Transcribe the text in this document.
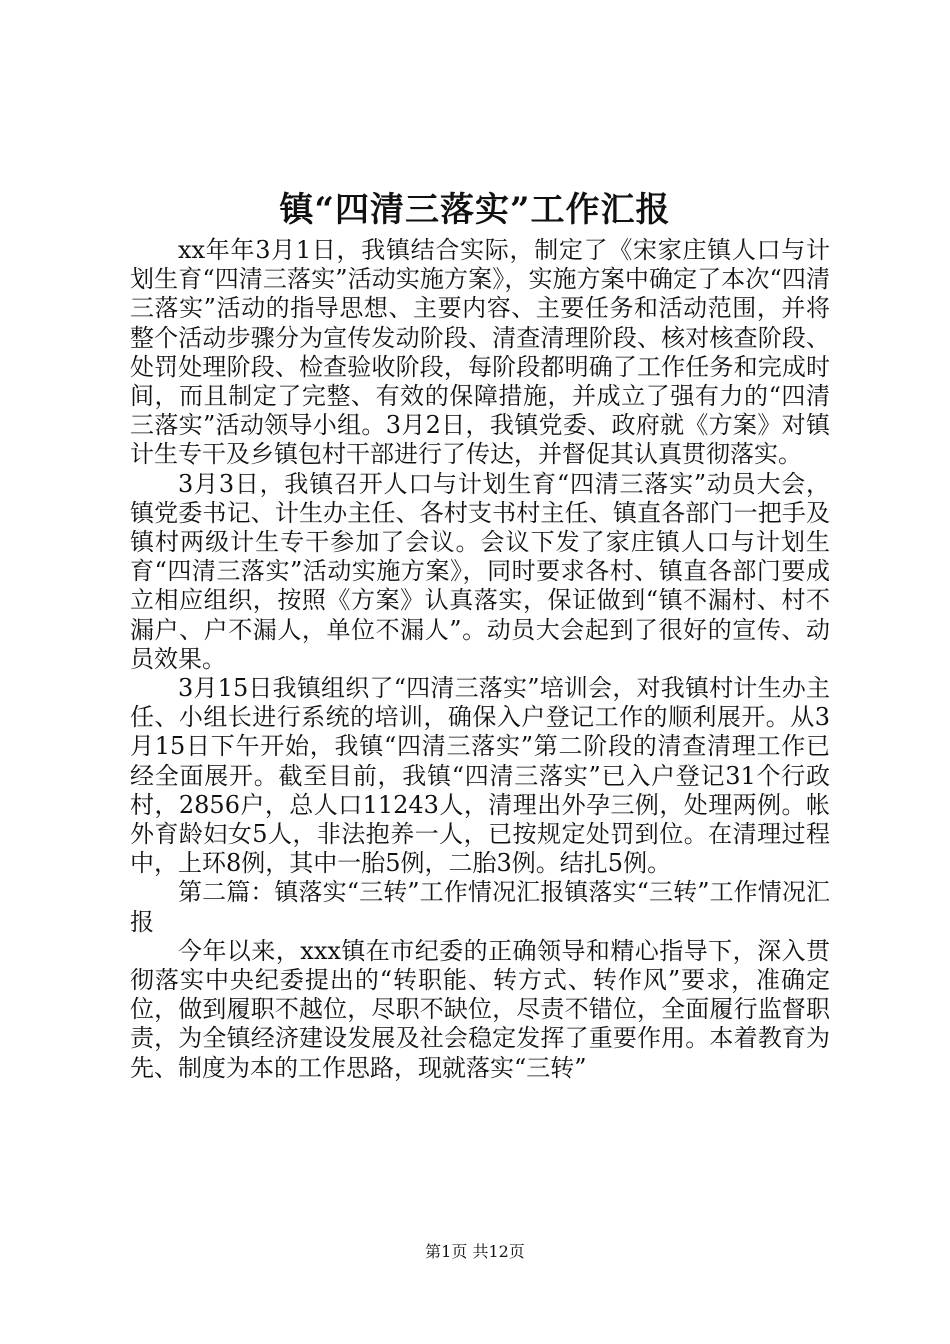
镇“四清三落实”工作汇报

xx年年3月1日，我镇结合实际，制定了《宋家庄镇人口与计划生育“四清三落实”活动实施方案》，实施方案中确定了本次“四清三落实”活动的指导思想、主要内容、主要任务和活动范围，并将整个活动步骤分为宣传发动阶段、清查清理阶段、核对核查阶段、处罚处理阶段、检查验收阶段，每阶段都明确了工作任务和完成时间，而且制定了完整、有效的保障措施，并成立了强有力的“四清三落实”活动领导小组。3月2日，我镇党委、政府就《方案》对镇计生专干及乡镇包村干部进行了传达，并督促其认真贯彻落实。

3月3日，我镇召开人口与计划生育“四清三落实”动员大会，镇党委书记、计生办主任、各村支书村主任、镇直各部门一把手及镇村两级计生专干参加了会议。会议下发了家庄镇人口与计划生育“四清三落实”活动实施方案》，同时要求各村、镇直各部门要成立相应组织，按照《方案》认真落实，保证做到“镇不漏村、村不漏户、户不漏人，单位不漏人”。动员大会起到了很好的宣传、动员效果。

3月15日我镇组织了“四清三落实”培训会，对我镇村计生办主任、小组长进行系统的培训，确保入户登记工作的顺利展开。从3月15日下午开始，我镇“四清三落实”第二阶段的清查清理工作已经全面展开。截至目前，我镇“四清三落实”已入户登记31个行政村，2856户，总人口11243人，清理出外孕三例，处理两例。帐外育龄妇女5人，非法抱养一人，已按规定处罚到位。在清理过程中，上环8例，其中一胎5例，二胎3例。结扎5例。

第二篇：镇落实“三转”工作情况汇报镇落实“三转”工作情况汇报

今年以来，xxx镇在市纪委的正确领导和精心指导下，深入贯彻落实中央纪委提出的“转职能、转方式、转作风”要求，准确定位，做到履职不越位，尽职不缺位，尽责不错位，全面履行监督职责，为全镇经济建设发展及社会稳定发挥了重要作用。本着教育为先、制度为本的工作思路，现就落实“三转”

第1页 共12页
